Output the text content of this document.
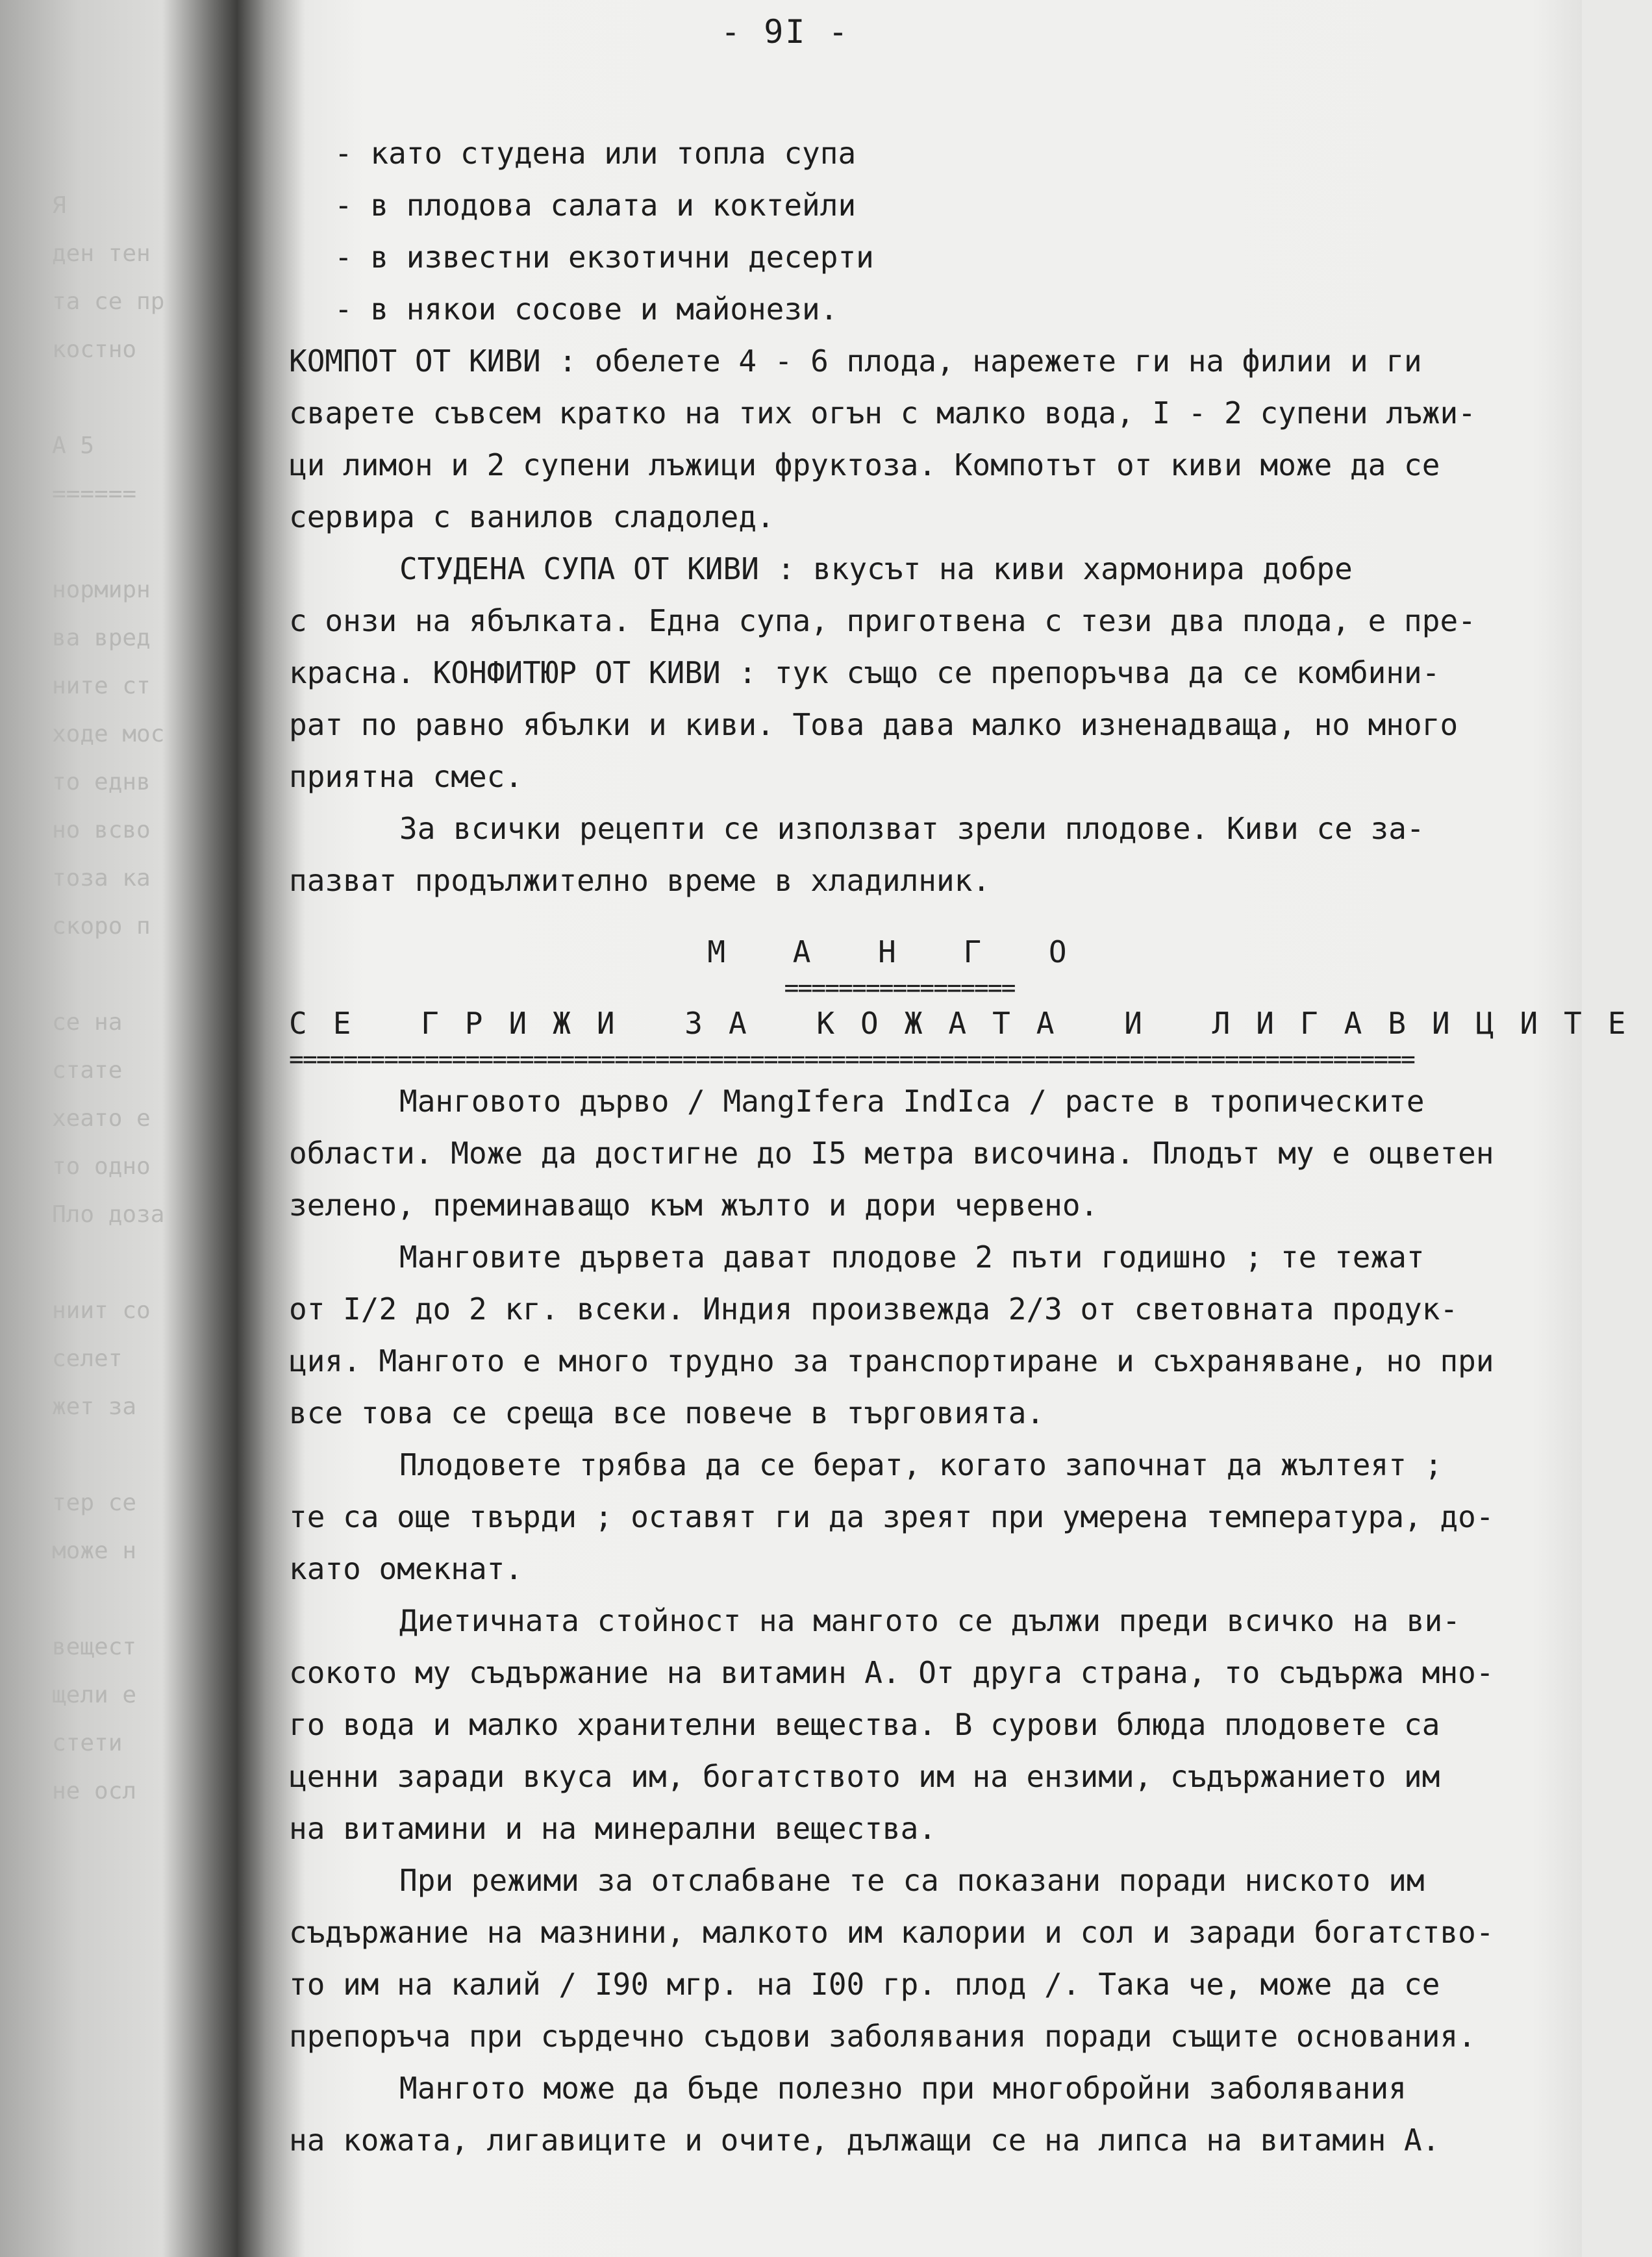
Я
ден тен
та се пр
костно
А 5
======
нормирн
ва вред
ните ст
ходе мос
то еднв
но всво
тоза ка
скоро п
се на
стате
хеато е
то одно
Пло доза
ниит со
селет
жет за
тер се
може н
вещест
щели е
стети
не осл
- 9I -
- като студена или топла супа
- в плодова салата и коктейли
- в известни екзотични десерти
- в някои сосове и майонези.
КОМПОТ ОТ КИВИ : обелете 4 - 6 плода, нарежете ги на филии и ги
сварете съвсем кратко на тих огън с малко вода, I - 2 супени лъжи-
ци лимон и 2 супени лъжици фруктоза. Компотът от киви може да се
сервира с ванилов сладолед.
СТУДЕНА СУПА ОТ КИВИ : вкусът на киви хармонира добре
с онзи на ябълката. Една супа, приготвена с тези два плода, е пре-
красна. КОНФИТЮР ОТ КИВИ : тук също се препоръчва да се комбини-
рат по равно ябълки и киви. Това дава малко изненадваща, но много
приятна смес.
За всички рецепти се използват зрели плодове. Киви се за-
пазват продължително време в хладилник.
М А Н Г О
=================
СЕ ГРИЖИ ЗА КОЖАТА И ЛИГАВИЦИТЕ
===================================================================================
Манговото дърво / MangIfera IndIca / расте в тропическите
области. Може да достигне до I5 метра височина. Плодът му е оцветен
зелено, преминаващо към жълто и дори червено.
Манговите дървета дават плодове 2 пъти годишно ; те тежат
от I/2 до 2 кг. всеки. Индия произвежда 2/3 от световната продук-
ция. Мангото е много трудно за транспортиране и съхраняване, но при
все това се среща все повече в търговията.
Плодовете трябва да се берат, когато започнат да жълтеят ;
те са още твърди ; оставят ги да зреят при умерена температура, до-
като омекнат.
Диетичната стойност на мангото се дължи преди всичко на ви-
сокото му съдържание на витамин А. От друга страна, то съдържа мно-
го вода и малко хранителни вещества. В сурови блюда плодовете са
ценни заради вкуса им, богатството им на ензими, съдържанието им
на витамини и на минерални вещества.
При режими за отслабване те са показани поради ниското им
съдържание на мазнини, малкото им калории и сол и заради богатство-
то им на калий / I90 мгр. на I00 гр. плод /. Така че, може да се
препоръча при сърдечно съдови заболявания поради същите основания.
Мангото може да бъде полезно при многобройни заболявания
на кожата, лигавиците и очите, дължащи се на липса на витамин А.
